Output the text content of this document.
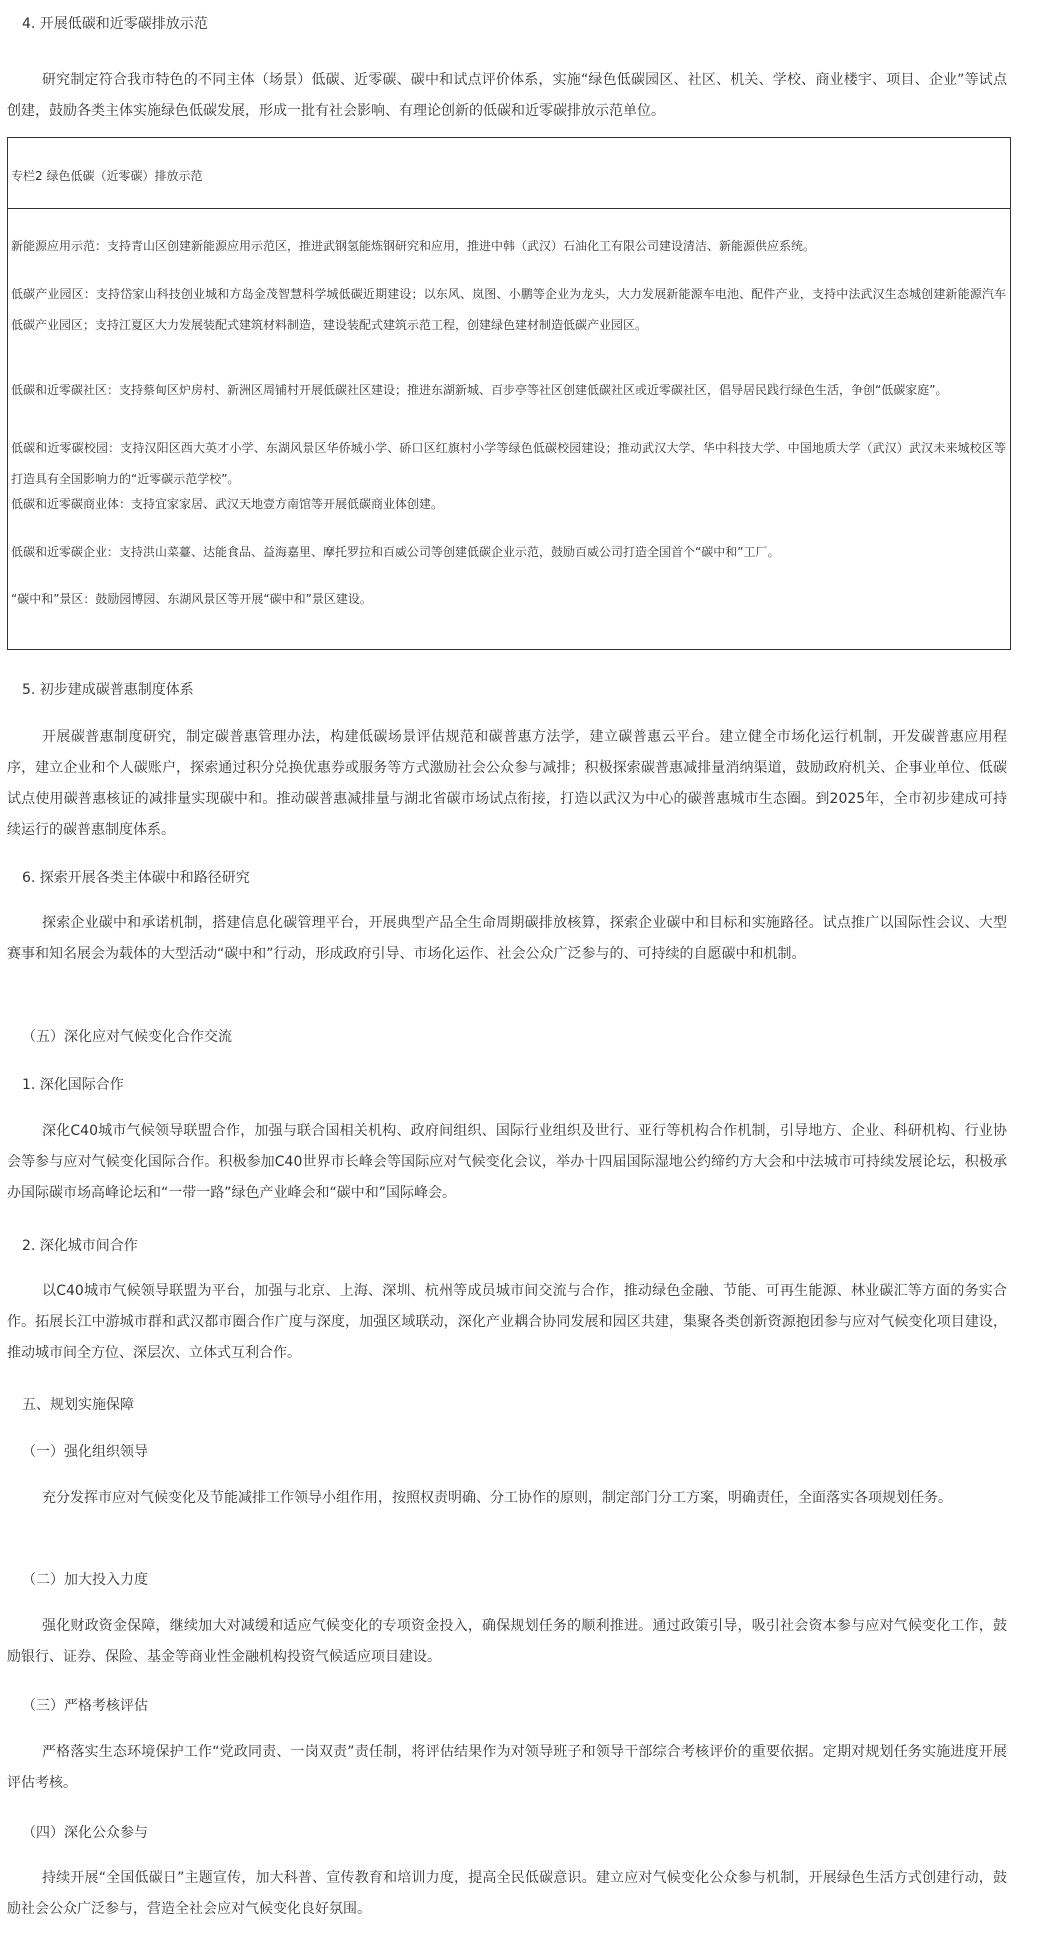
4. 开展低碳和近零碳排放示范
研究制定符合我市特色的不同主体（场景）低碳、近零碳、碳中和试点评价体系，实施“绿色低碳园区、社区、机关、学校、商业楼宇、项目、企业”等试点创建，鼓励各类主体实施绿色低碳发展，形成一批有社会影响、有理论创新的低碳和近零碳排放示范单位。
专栏2 绿色低碳（近零碳）排放示范
新能源应用示范：支持青山区创建新能源应用示范区，推进武钢氢能炼钢研究和应用，推进中韩（武汉）石油化工有限公司建设清洁、新能源供应系统。
低碳产业园区：支持岱家山科技创业城和方岛金茂智慧科学城低碳近期建设；以东风、岚图、小鹏等企业为龙头，大力发展新能源车电池、配件产业，支持中法武汉生态城创建新能源汽车低碳产业园区；支持江夏区大力发展装配式建筑材料制造，建设装配式建筑示范工程，创建绿色建材制造低碳产业园区。
低碳和近零碳社区：支持蔡甸区炉房村、新洲区周铺村开展低碳社区建设；推进东湖新城、百步亭等社区创建低碳社区或近零碳社区，倡导居民践行绿色生活，争创“低碳家庭”。
低碳和近零碳校园：支持汉阳区西大英才小学、东湖风景区华侨城小学、硚口区红旗村小学等绿色低碳校园建设；推动武汉大学、华中科技大学、中国地质大学（武汉）武汉未来城校区等打造具有全国影响力的“近零碳示范学校”。
低碳和近零碳商业体：支持宜家家居、武汉天地壹方南馆等开展低碳商业体创建。
低碳和近零碳企业：支持洪山菜薹、达能食品、益海嘉里、摩托罗拉和百威公司等创建低碳企业示范，鼓励百威公司打造全国首个“碳中和”工厂。
“碳中和”景区：鼓励园博园、东湖风景区等开展“碳中和”景区建设。
5. 初步建成碳普惠制度体系
开展碳普惠制度研究，制定碳普惠管理办法，构建低碳场景评估规范和碳普惠方法学，建立碳普惠云平台。建立健全市场化运行机制，开发碳普惠应用程序，建立企业和个人碳账户，探索通过积分兑换优惠券或服务等方式激励社会公众参与减排；积极探索碳普惠减排量消纳渠道，鼓励政府机关、企事业单位、低碳试点使用碳普惠核证的减排量实现碳中和。推动碳普惠减排量与湖北省碳市场试点衔接，打造以武汉为中心的碳普惠城市生态圈。到2025年，全市初步建成可持续运行的碳普惠制度体系。
6. 探索开展各类主体碳中和路径研究
探索企业碳中和承诺机制，搭建信息化碳管理平台，开展典型产品全生命周期碳排放核算，探索企业碳中和目标和实施路径。试点推广以国际性会议、大型赛事和知名展会为载体的大型活动“碳中和”行动，形成政府引导、市场化运作、社会公众广泛参与的、可持续的自愿碳中和机制。
（五）深化应对气候变化合作交流
1. 深化国际合作
深化C40城市气候领导联盟合作，加强与联合国相关机构、政府间组织、国际行业组织及世行、亚行等机构合作机制，引导地方、企业、科研机构、行业协会等参与应对气候变化国际合作。积极参加C40世界市长峰会等国际应对气候变化会议，举办十四届国际湿地公约缔约方大会和中法城市可持续发展论坛，积极承办国际碳市场高峰论坛和“一带一路”绿色产业峰会和“碳中和”国际峰会。
2. 深化城市间合作
以C40城市气候领导联盟为平台，加强与北京、上海、深圳、杭州等成员城市间交流与合作，推动绿色金融、节能、可再生能源、林业碳汇等方面的务实合作。拓展长江中游城市群和武汉都市圈合作广度与深度，加强区域联动，深化产业耦合协同发展和园区共建，集聚各类创新资源抱团参与应对气候变化项目建设，推动城市间全方位、深层次、立体式互利合作。
五、规划实施保障
（一）强化组织领导
充分发挥市应对气候变化及节能减排工作领导小组作用，按照权责明确、分工协作的原则，制定部门分工方案，明确责任，全面落实各项规划任务。
（二）加大投入力度
强化财政资金保障，继续加大对减缓和适应气候变化的专项资金投入，确保规划任务的顺利推进。通过政策引导，吸引社会资本参与应对气候变化工作，鼓励银行、证券、保险、基金等商业性金融机构投资气候适应项目建设。
（三）严格考核评估
严格落实生态环境保护工作“党政同责、一岗双责”责任制，将评估结果作为对领导班子和领导干部综合考核评价的重要依据。定期对规划任务实施进度开展评估考核。
（四）深化公众参与
持续开展“全国低碳日”主题宣传，加大科普、宣传教育和培训力度，提高全民低碳意识。建立应对气候变化公众参与机制，开展绿色生活方式创建行动，鼓励社会公众广泛参与，营造全社会应对气候变化良好氛围。
